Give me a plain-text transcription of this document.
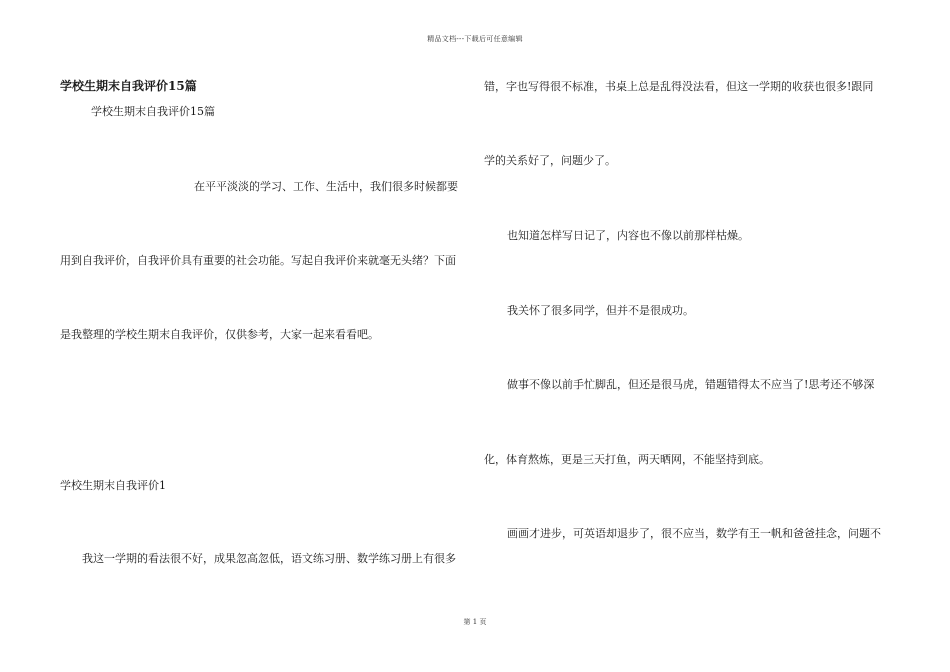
精品文档---下载后可任意编辑
学校生期末自我评价15篇
学校生期末自我评价15篇
在平平淡淡的学习、工作、生活中，我们很多时候都要
用到自我评价，自我评价具有重要的社会功能。写起自我评价来就毫无头绪？下面
是我整理的学校生期末自我评价，仅供参考，大家一起来看看吧。
学校生期末自我评价1
我这一学期的看法很不好，成果忽高忽低，语文练习册、数学练习册上有很多
错，字也写得很不标准，书桌上总是乱得没法看，但这一学期的收获也很多!跟同
学的关系好了，问题少了。
也知道怎样写日记了，内容也不像以前那样枯燥。
我关怀了很多同学，但并不是很成功。
做事不像以前手忙脚乱，但还是很马虎，错题错得太不应当了!思考还不够深
化，体育熬炼，更是三天打鱼，两天晒网，不能坚持到底。
画画才进步，可英语却退步了，很不应当，数学有王一帆和爸爸挂念，问题不
第 1 页
